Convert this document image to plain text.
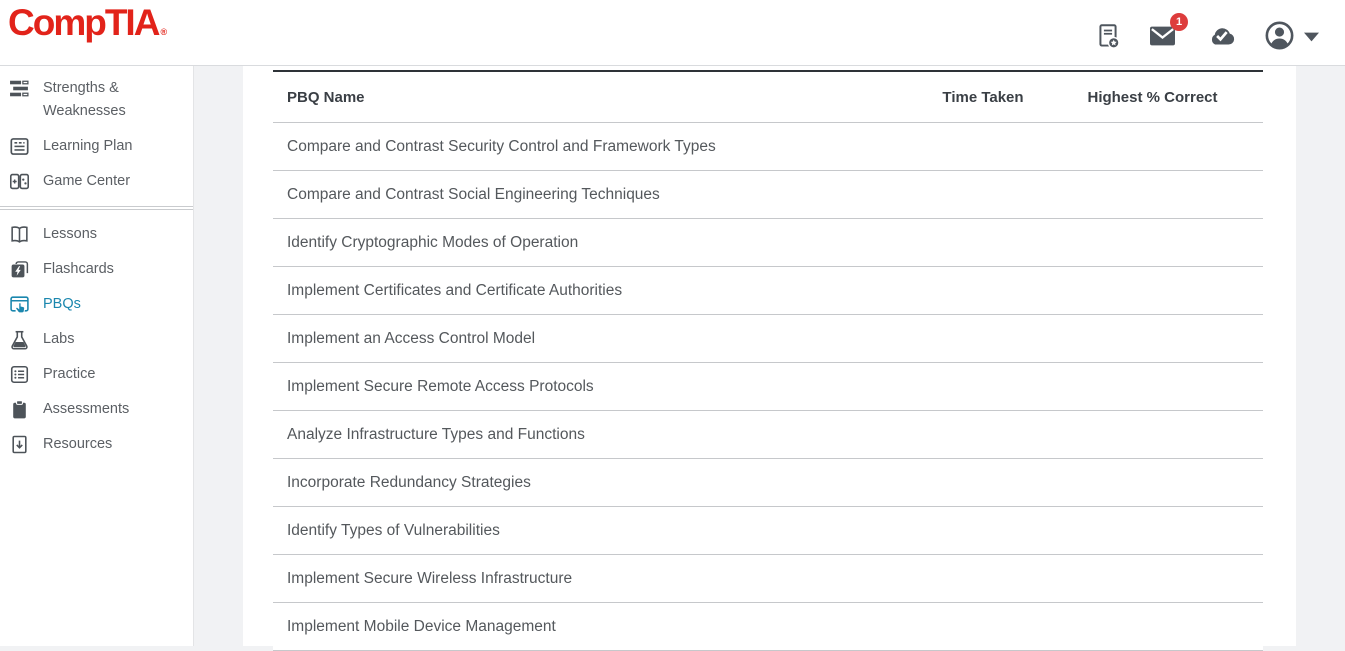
CompTIA ®
1
Strengths & Weaknesses
Learning Plan
Game Center
Lessons
Flashcards
PBQs
Labs
Practice
Assessments
Resources
PBQ Name	Time Taken	Highest % Correct
Compare and Contrast Security Control and Framework Types
Compare and Contrast Social Engineering Techniques
Identify Cryptographic Modes of Operation
Implement Certificates and Certificate Authorities
Implement an Access Control Model
Implement Secure Remote Access Protocols
Analyze Infrastructure Types and Functions
Incorporate Redundancy Strategies
Identify Types of Vulnerabilities
Implement Secure Wireless Infrastructure
Implement Mobile Device Management
